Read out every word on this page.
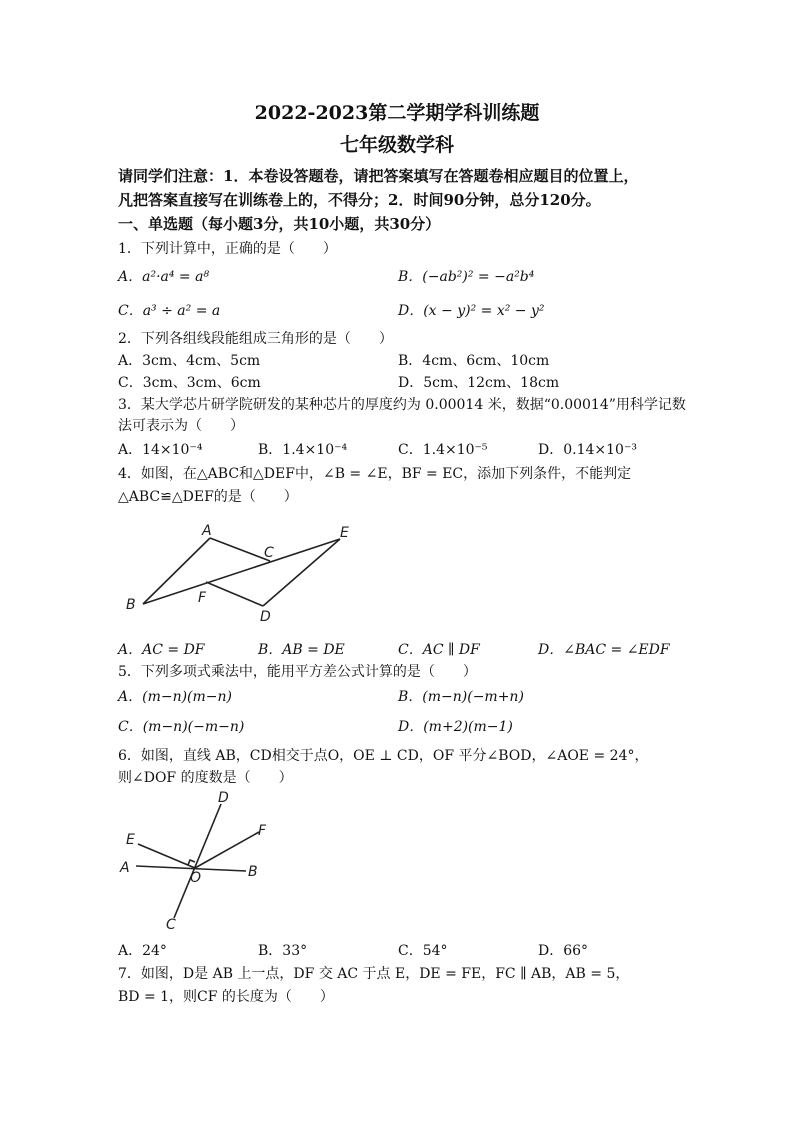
2022-2023第二学期学科训练题
七年级数学科
请同学们注意：1．本卷设答题卷，请把答案填写在答题卷相应题目的位置上，
凡把答案直接写在训练卷上的，不得分；2．时间90分钟，总分120分。
一、单选题（每小题3分，共10小题，共30分）
1．下列计算中，正确的是（　　）
A．a²·a⁴ = a⁸	B．(−ab²)² = −a²b⁴
C．a³ ÷ a² = a	D．(x − y)² = x² − y²
2．下列各组线段能组成三角形的是（　　）
A．3cm、4cm、5cm	B．4cm、6cm、10cm
C．3cm、3cm、6cm	D．5cm、12cm、18cm
3．某大学芯片研学院研发的某种芯片的厚度约为 0.00014 米，数据“0.00014”用科学记数
法可表示为（　　）
A．14×10⁻⁴	B．1.4×10⁻⁴	C．1.4×10⁻⁵	D．0.14×10⁻³
4．如图，在△ABC和△DEF中，∠B = ∠E，BF = EC，添加下列条件，不能判定
△ABC≌△DEF的是（　　）
A
B
C
D
E
F
A．AC = DF	B．AB = DE	C．AC ∥ DF	D．∠BAC = ∠EDF
5．下列多项式乘法中，能用平方差公式计算的是（　　）
A．(m−n)(m−n)	B．(m−n)(−m+n)
C．(m−n)(−m−n)	D．(m+2)(m−1)
6．如图，直线 AB，CD相交于点O，OE ⊥ CD，OF 平分∠BOD，∠AOE = 24°，
则∠DOF 的度数是（　　）
D
E
F
A
O	B
C
A．24°	B．33°	C．54°	D．66°
7．如图，D是 AB 上一点，DF 交 AC 于点 E，DE = FE，FC ∥ AB，AB = 5，
BD = 1，则CF 的长度为（　　）
